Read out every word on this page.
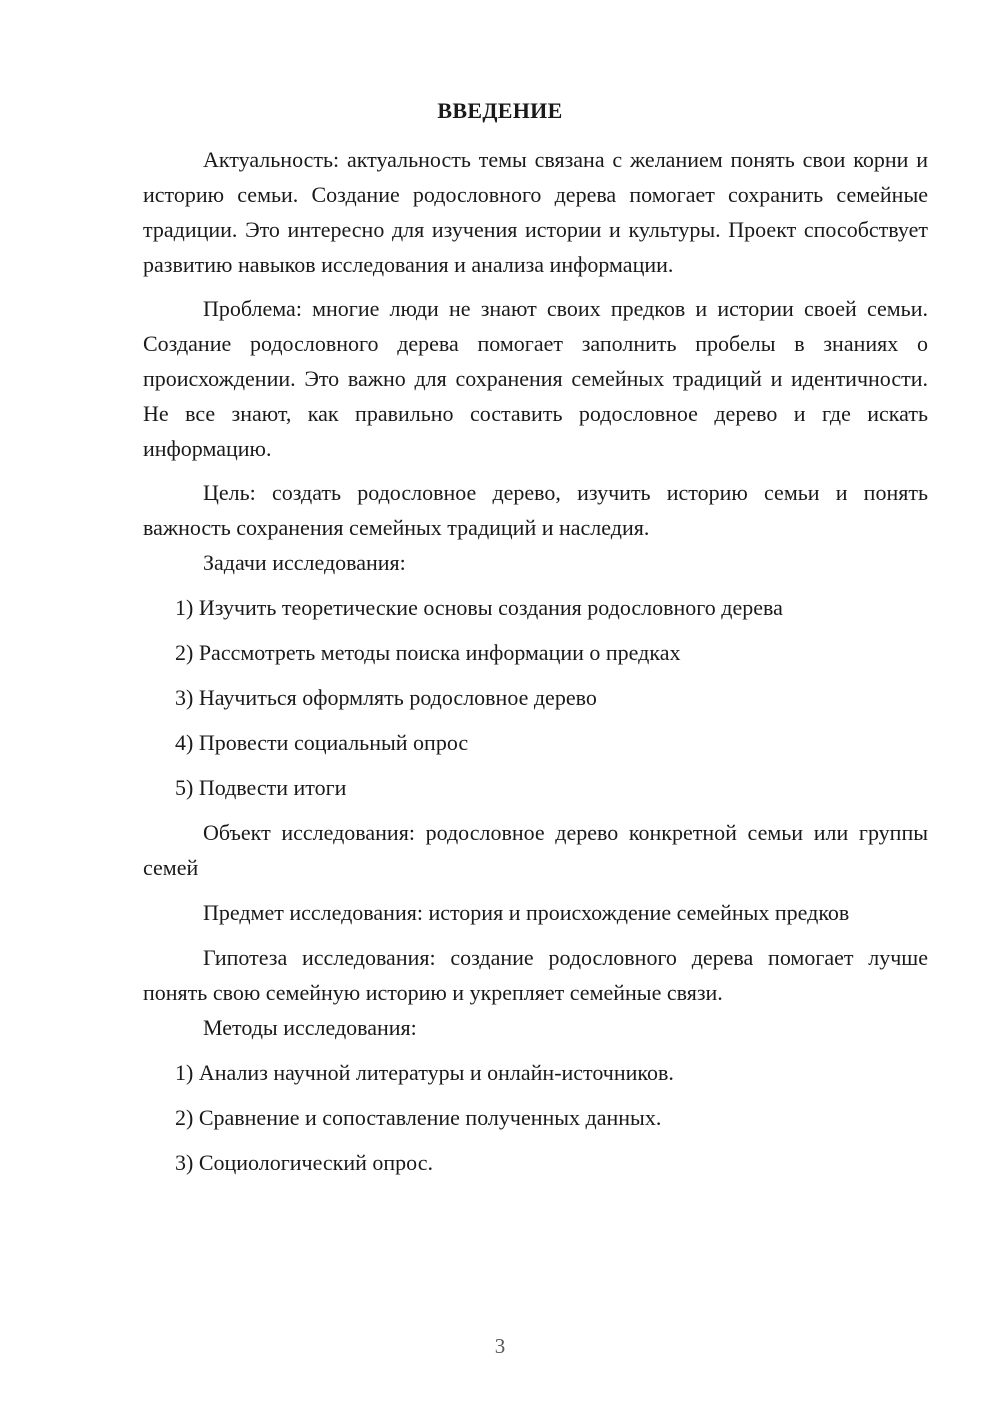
ВВЕДЕНИЕ

Актуальность: актуальность темы связана с желанием понять свои корни и историю семьи. Создание родословного дерева помогает сохранить семейные традиции. Это интересно для изучения истории и культуры. Проект способствует развитию навыков исследования и анализа информации.

Проблема: многие люди не знают своих предков и истории своей семьи. Создание родословного дерева помогает заполнить пробелы в знаниях о происхождении. Это важно для сохранения семейных традиций и идентичности. Не все знают, как правильно составить родословное дерево и где искать информацию.

Цель: создать родословное дерево, изучить историю семьи и понять важность сохранения семейных традиций и наследия.

Задачи исследования:

1) Изучить теоретические основы создания родословного дерева

2) Рассмотреть методы поиска информации о предках

3) Научиться оформлять родословное дерево

4) Провести социальный опрос

5) Подвести итоги

Объект исследования: родословное дерево конкретной семьи или группы семей

Предмет исследования: история и происхождение семейных предков

Гипотеза исследования: создание родословного дерева помогает лучше понять свою семейную историю и укрепляет семейные связи.

Методы исследования:

1) Анализ научной литературы и онлайн-источников.

2) Сравнение и сопоставление полученных данных.

3) Социологический опрос.

3
